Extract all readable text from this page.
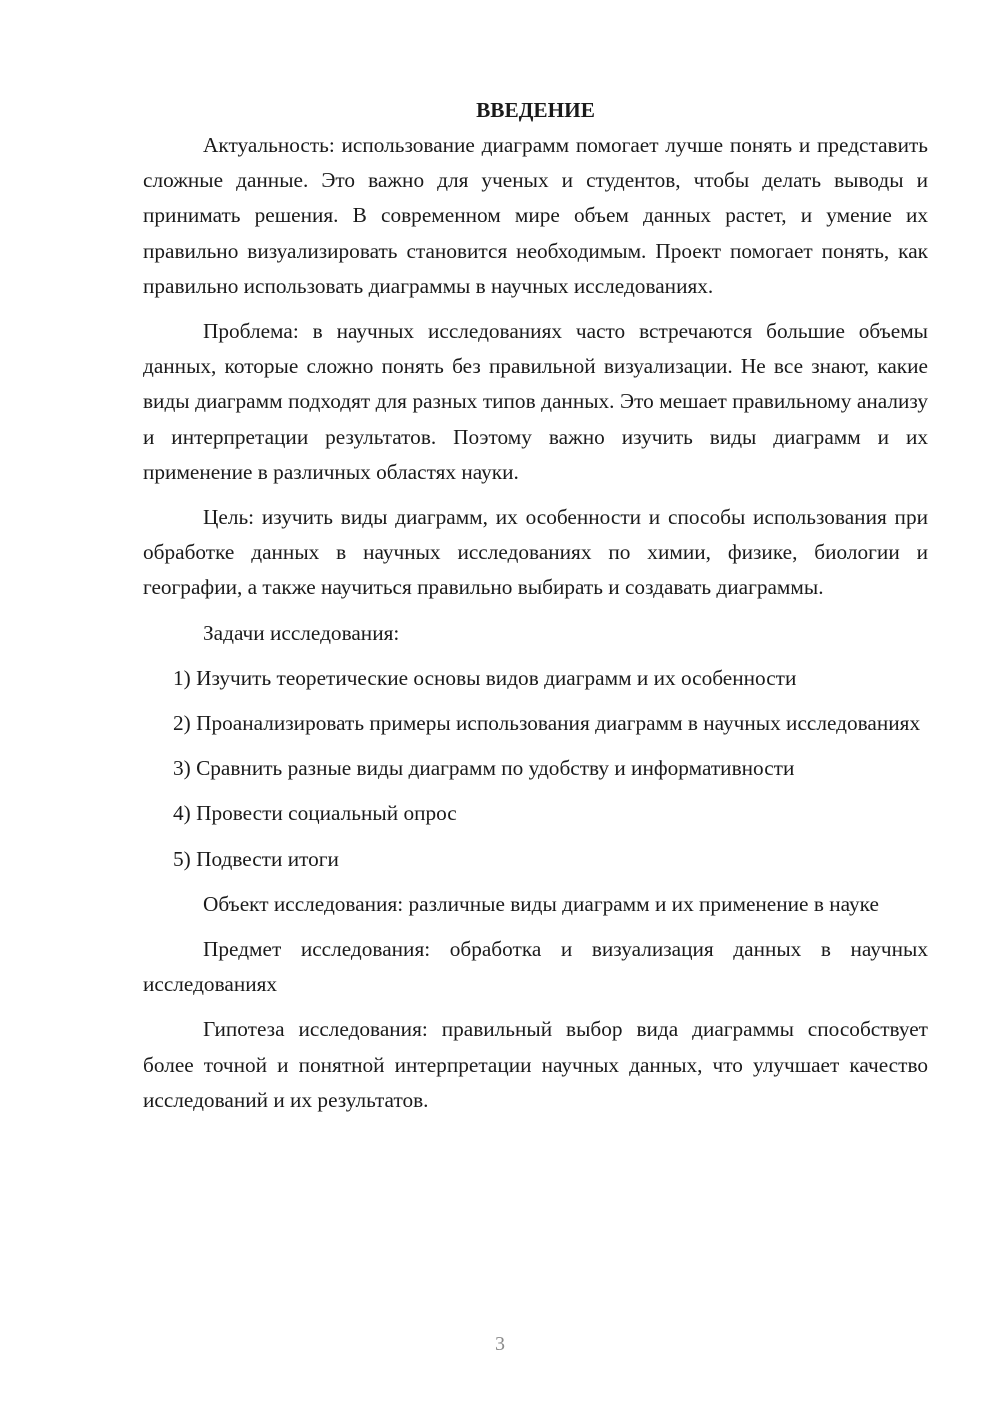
ВВЕДЕНИЕ

Актуальность: использование диаграмм помогает лучше понять и представить сложные данные. Это важно для ученых и студентов, чтобы делать выводы и принимать решения. В современном мире объем данных растет, и умение их правильно визуализировать становится необходимым. Проект помогает понять, как правильно использовать диаграммы в научных исследованиях.

Проблема: в научных исследованиях часто встречаются большие объемы данных, которые сложно понять без правильной визуализации. Не все знают, какие виды диаграмм подходят для разных типов данных. Это мешает правильному анализу и интерпретации результатов. Поэтому важно изучить виды диаграмм и их применение в различных областях науки.

Цель: изучить виды диаграмм, их особенности и способы использования при обработке данных в научных исследованиях по химии, физике, биологии и географии, а также научиться правильно выбирать и создавать диаграммы.

Задачи исследования:

1) Изучить теоретические основы видов диаграмм и их особенности

2) Проанализировать примеры использования диаграмм в научных исследованиях

3) Сравнить разные виды диаграмм по удобству и информативности

4) Провести социальный опрос

5) Подвести итоги

Объект исследования: различные виды диаграмм и их применение в науке

Предмет исследования: обработка и визуализация данных в научных исследованиях

Гипотеза исследования: правильный выбор вида диаграммы способствует более точной и понятной интерпретации научных данных, что улучшает качество исследований и их результатов.

3
